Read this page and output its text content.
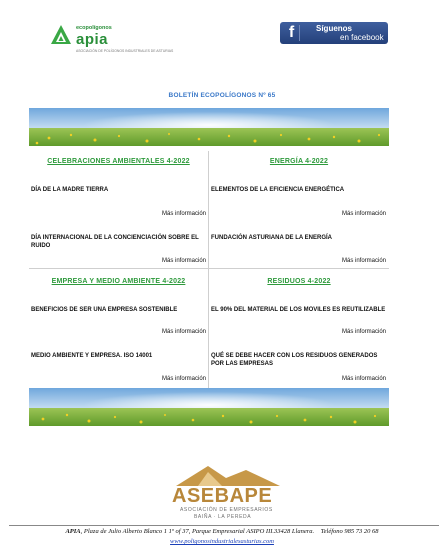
ecopolígonos
apia
ASOCIACIÓN DE POLÍGONOS INDUSTRIALES DE ASTURIAS
f	Síguenos
en facebook
BOLETÍN ECOPOLÍGONOS Nº 65
CELEBRACIONES AMBIENTALES 4-2022
DÍA DE LA MADRE TIERRA
Más información
DÍA INTERNACIONAL DE LA CONCIENCIACIÓN SOBRE EL RUIDO
Más información
ENERGÍA 4-2022
ELEMENTOS DE LA EFICIENCIA ENERGÉTICA
Más información
FUNDACIÓN ASTURIANA DE LA ENERGÍA
Más información
EMPRESA Y MEDIO AMBIENTE 4-2022
BENEFICIOS DE SER UNA EMPRESA SOSTENIBLE
Más información
MEDIO AMBIENTE Y EMPRESA. ISO 14001
Más información
RESIDUOS 4-2022
EL 90% DEL MATERIAL DE LOS MOVILES ES REUTILIZABLE
Más información
QUÉ SE DEBE HACER CON LOS RESIDUOS GENERADOS POR LAS EMPRESAS
Más información
ASEBAPE
ASOCIACIÓN DE EMPRESARIOS
BAIÑA · LA PEREDA
APIA, Plaza de Julio Alberto Blanco 1 1º of 37, Parque Empresarial ASIPO III.33428 Llanera. Teléfono 985 73 20 68
www.poligonosindustrialesasturias.com
